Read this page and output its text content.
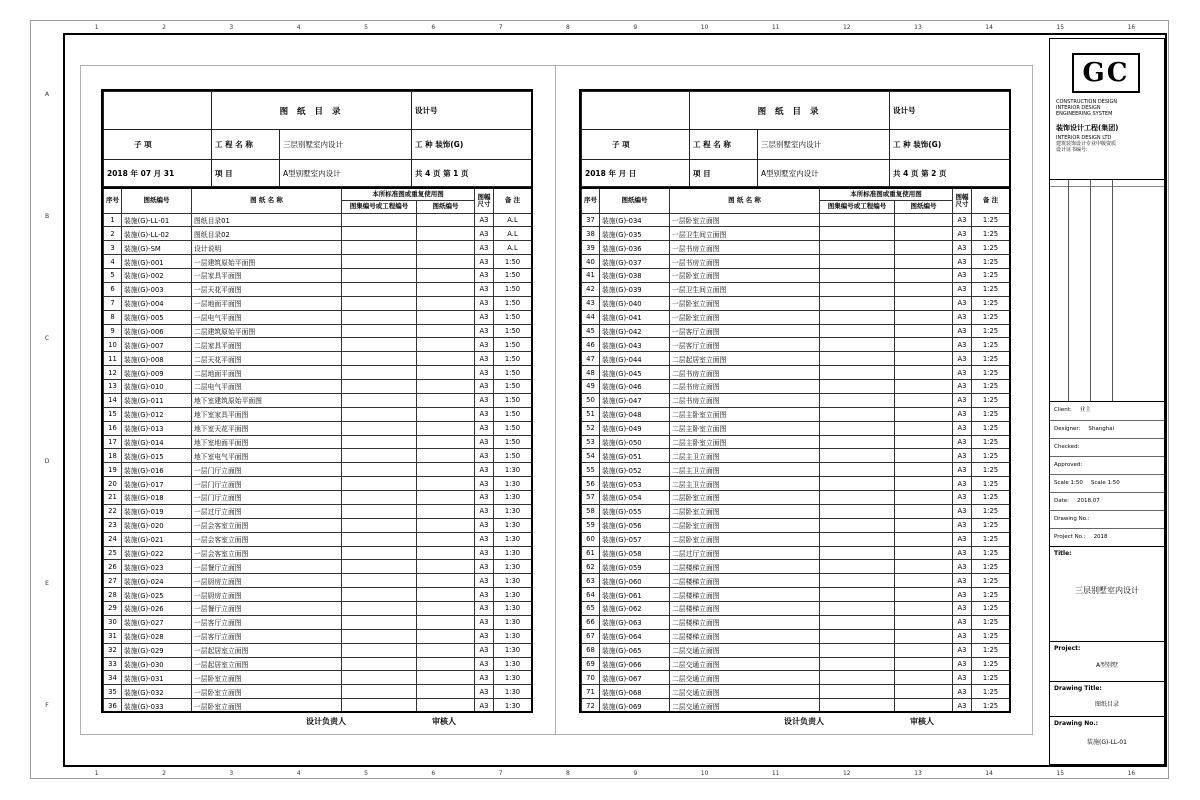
1	2	3	4	5	6	7	8	9	10	11	12	13	14	15	16
1	2	3	4	5	6	7	8	9	10	11	12	13	14	15	16
A
B
C
D
E
F
	图 纸 目 录		设计号
子 项	工 程 名 称	三层别墅室内设计	工 种 装饰(G)
2018 年 07 月 31	项 目	A型别墅室内设计	共 4 页 第 1 页
序号	图纸编号	图 纸 名 称	本所标准图或重复使用图		图幅尺寸	备 注
			图集编号或工程编号	图纸编号		
1	装施(G)-LL-01	图纸目录01			A3	A.L
2	装施(G)-LL-02	图纸目录02			A3	A.L
3	装施(G)-SM	设计说明			A3	A.L
4	装施(G)-001	一层建筑原始平面图			A3	1:50
5	装施(G)-002	一层家具平面图			A3	1:50
6	装施(G)-003	一层天花平面图			A3	1:50
7	装施(G)-004	一层地面平面图			A3	1:50
8	装施(G)-005	一层电气平面图			A3	1:50
9	装施(G)-006	二层建筑原始平面图			A3	1:50
10	装施(G)-007	二层家具平面图			A3	1:50
11	装施(G)-008	二层天花平面图			A3	1:50
12	装施(G)-009	二层地面平面图			A3	1:50
13	装施(G)-010	二层电气平面图			A3	1:50
14	装施(G)-011	地下室建筑原始平面图			A3	1:50
15	装施(G)-012	地下室家具平面图			A3	1:50
16	装施(G)-013	地下室天花平面图			A3	1:50
17	装施(G)-014	地下室地面平面图			A3	1:50
18	装施(G)-015	地下室电气平面图			A3	1:50
19	装施(G)-016	一层门厅立面图			A3	1:30
20	装施(G)-017	一层门厅立面图			A3	1:30
21	装施(G)-018	一层门厅立面图			A3	1:30
22	装施(G)-019	一层过厅立面图			A3	1:30
23	装施(G)-020	一层会客室立面图			A3	1:30
24	装施(G)-021	一层会客室立面图			A3	1:30
25	装施(G)-022	一层会客室立面图			A3	1:30
26	装施(G)-023	一层餐厅立面图			A3	1:30
27	装施(G)-024	一层厨房立面图			A3	1:30
28	装施(G)-025	一层厨房立面图			A3	1:30
29	装施(G)-026	一层餐厅立面图			A3	1:30
30	装施(G)-027	一层客厅立面图			A3	1:30
31	装施(G)-028	一层客厅立面图			A3	1:30
32	装施(G)-029	一层起居室立面图			A3	1:30
33	装施(G)-030	一层起居室立面图			A3	1:30
34	装施(G)-031	一层卧室立面图			A3	1:30
35	装施(G)-032	一层卧室立面图			A3	1:30
36	装施(G)-033	一层卧室立面图			A3	1:30
设计负责人	审核人
	图 纸 目 录		设计号
子 项	工 程 名 称	三层别墅室内设计	工 种 装饰(G)
2018 年 月 日	项 目	A型别墅室内设计	共 4 页 第 2 页
序号	图纸编号	图 纸 名 称	本所标准图或重复使用图		图幅尺寸	备 注
			图集编号或工程编号	图纸编号		
37	装施(G)-034	一层卧室立面图			A3	1:25
38	装施(G)-035	一层卫生间立面图			A3	1:25
39	装施(G)-036	一层书房立面图			A3	1:25
40	装施(G)-037	一层书房立面图			A3	1:25
41	装施(G)-038	一层卧室立面图			A3	1:25
42	装施(G)-039	一层卫生间立面图			A3	1:25
43	装施(G)-040	一层卧室立面图			A3	1:25
44	装施(G)-041	一层卧室立面图			A3	1:25
45	装施(G)-042	一层客厅立面图			A3	1:25
46	装施(G)-043	一层客厅立面图			A3	1:25
47	装施(G)-044	二层起居室立面图			A3	1:25
48	装施(G)-045	二层书房立面图			A3	1:25
49	装施(G)-046	二层书房立面图			A3	1:25
50	装施(G)-047	二层书房立面图			A3	1:25
51	装施(G)-048	二层主卧室立面图			A3	1:25
52	装施(G)-049	二层主卧室立面图			A3	1:25
53	装施(G)-050	二层主卧室立面图			A3	1:25
54	装施(G)-051	二层主卫立面图			A3	1:25
55	装施(G)-052	二层主卫立面图			A3	1:25
56	装施(G)-053	二层主卫立面图			A3	1:25
57	装施(G)-054	二层卧室立面图			A3	1:25
58	装施(G)-055	二层卧室立面图			A3	1:25
59	装施(G)-056	二层卧室立面图			A3	1:25
60	装施(G)-057	二层卧室立面图			A3	1:25
61	装施(G)-058	二层过厅立面图			A3	1:25
62	装施(G)-059	二层楼梯立面图			A3	1:25
63	装施(G)-060	二层楼梯立面图			A3	1:25
64	装施(G)-061	二层楼梯立面图			A3	1:25
65	装施(G)-062	二层楼梯立面图			A3	1:25
66	装施(G)-063	二层楼梯立面图			A3	1:25
67	装施(G)-064	二层楼梯立面图			A3	1:25
68	装施(G)-065	二层交通立面图			A3	1:25
69	装施(G)-066	二层交通立面图			A3	1:25
70	装施(G)-067	二层交通立面图			A3	1:25
71	装施(G)-068	二层交通立面图			A3	1:25
72	装施(G)-069	二层交通立面图			A3	1:25
设计负责人	审核人
GC
CONSTRUCTION DESIGN
INTERIOR DESIGN
ENGINEERING SYSTEM
装饰设计工程(集团)
INTERIOR DESIGN LTD
建筑装饰设计专业甲级资质
设计证书编号:
Client: 业主
Designer: Shanghai
Checked:
Approved:
Scale 1:50 Scale 1:50
Date: 2018.07
Drawing No.:
Project No.: 2018
Title:
三层别墅室内设计
Project:
A型别墅
Drawing Title:
图纸目录
Drawing No.:
装施(G)-LL-01
